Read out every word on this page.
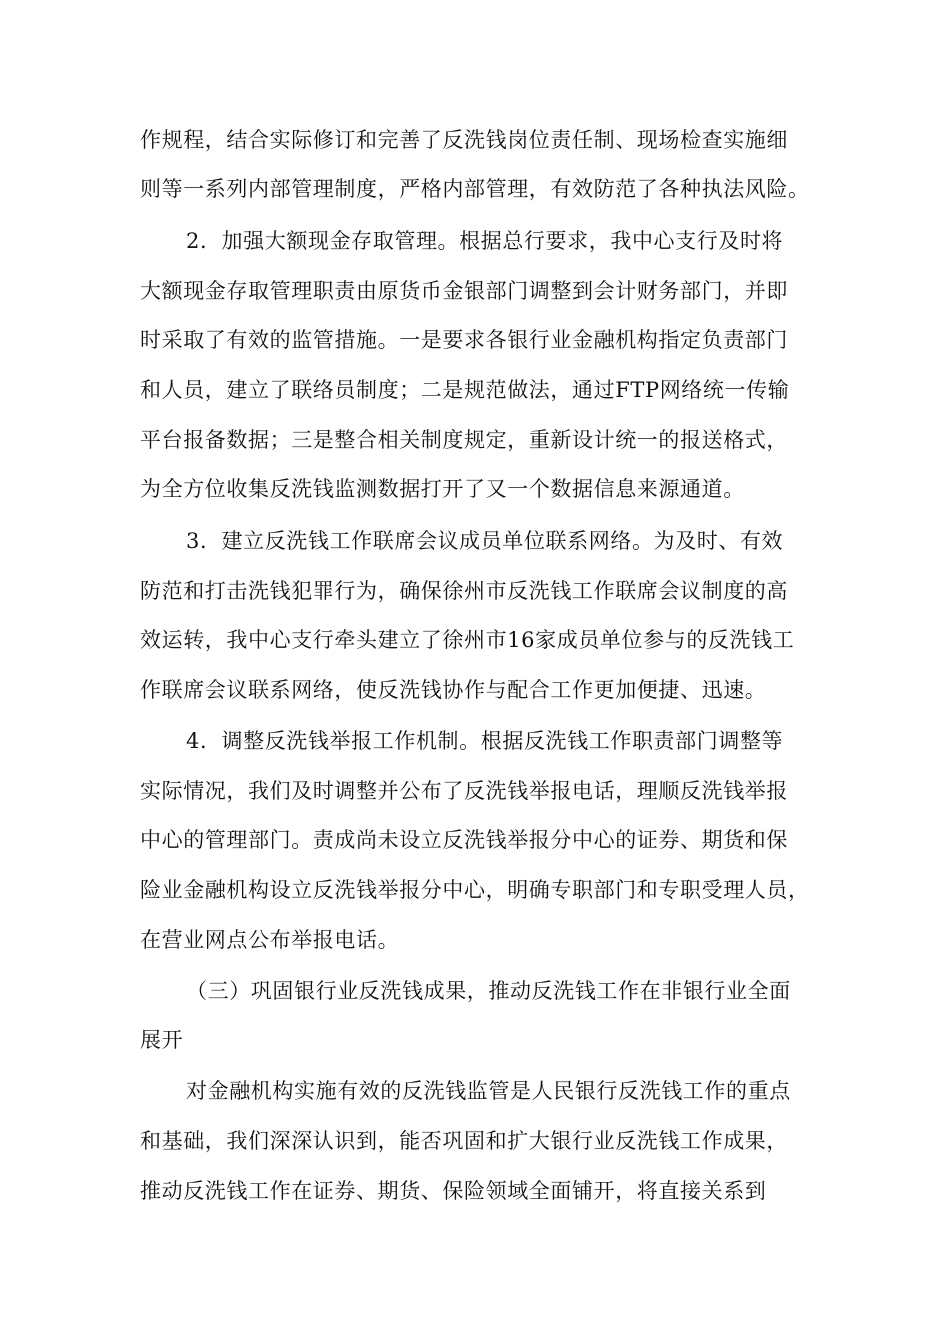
作规程，结合实际修订和完善了反洗钱岗位责任制、现场检查实施细
则等一系列内部管理制度，严格内部管理，有效防范了各种执法风险。
2．加强大额现金存取管理。根据总行要求，我中心支行及时将
大额现金存取管理职责由原货币金银部门调整到会计财务部门，并即
时采取了有效的监管措施。一是要求各银行业金融机构指定负责部门
和人员，建立了联络员制度；二是规范做法，通过FTP网络统一传输
平台报备数据；三是整合相关制度规定，重新设计统一的报送格式，
为全方位收集反洗钱监测数据打开了又一个数据信息来源通道。
3．建立反洗钱工作联席会议成员单位联系网络。为及时、有效
防范和打击洗钱犯罪行为，确保徐州市反洗钱工作联席会议制度的高
效运转，我中心支行牵头建立了徐州市16家成员单位参与的反洗钱工
作联席会议联系网络，使反洗钱协作与配合工作更加便捷、迅速。
4．调整反洗钱举报工作机制。根据反洗钱工作职责部门调整等
实际情况，我们及时调整并公布了反洗钱举报电话，理顺反洗钱举报
中心的管理部门。责成尚未设立反洗钱举报分中心的证券、期货和保
险业金融机构设立反洗钱举报分中心，明确专职部门和专职受理人员，
在营业网点公布举报电话。
（三）巩固银行业反洗钱成果，推动反洗钱工作在非银行业全面
展开
对金融机构实施有效的反洗钱监管是人民银行反洗钱工作的重点
和基础，我们深深认识到，能否巩固和扩大银行业反洗钱工作成果，
推动反洗钱工作在证券、期货、保险领域全面铺开，将直接关系到
